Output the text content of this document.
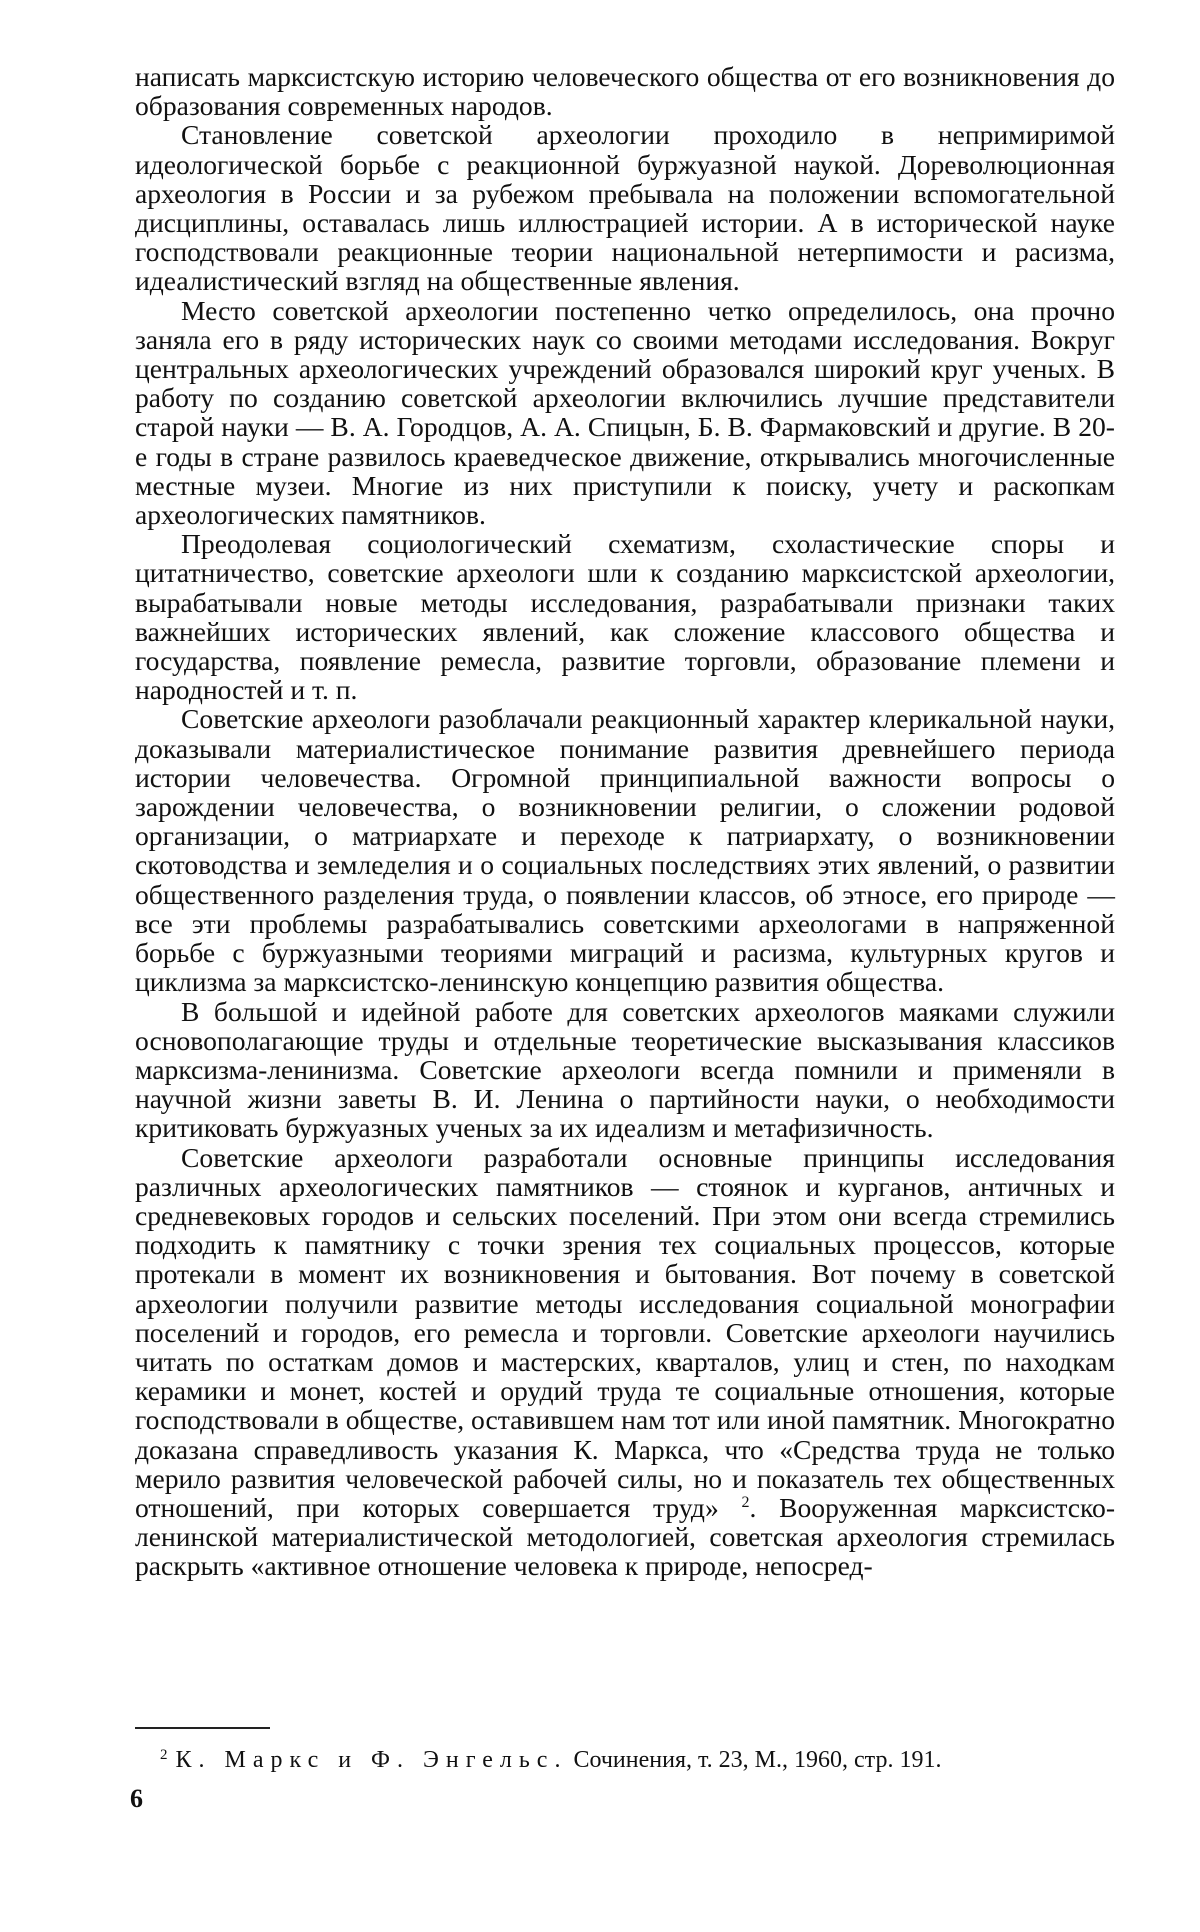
написать марксистскую историю человеческого общества от его возникновения до образования современных народов.

Становление советской археологии проходило в непримиримой идеологической борьбе с реакционной буржуазной наукой. Дореволюционная археология в России и за рубежом пребывала на положении вспомогательной дисциплины, оставалась лишь иллюстрацией истории. А в исторической науке господствовали реакционные теории национальной нетерпимости и расизма, идеалистический взгляд на общественные явления.

Место советской археологии постепенно четко определилось, она прочно заняла его в ряду исторических наук со своими методами исследования. Вокруг центральных археологических учреждений образовался широкий круг ученых. В работу по созданию советской археологии включились лучшие представители старой науки — В. А. Городцов, А. А. Спицын, Б. В. Фармаковский и другие. В 20-е годы в стране развилось краеведческое движение, открывались многочисленные местные музеи. Многие из них приступили к поиску, учету и раскопкам археологических памятников.

Преодолевая социологический схематизм, схоластические споры и цитатничество, советские археологи шли к созданию марксистской археологии, вырабатывали новые методы исследования, разрабатывали признаки таких важнейших исторических явлений, как сложение классового общества и государства, появление ремесла, развитие торговли, образование племени и народностей и т. п.

Советские археологи разоблачали реакционный характер клерикальной науки, доказывали материалистическое понимание развития древнейшего периода истории человечества. Огромной принципиальной важности вопросы о зарождении человечества, о возникновении религии, о сложении родовой организации, о матриархате и переходе к патриархату, о возникновении скотоводства и земледелия и о социальных последствиях этих явлений, о развитии общественного разделения труда, о появлении классов, об этносе, его природе — все эти проблемы разрабатывались советскими археологами в напряженной борьбе с буржуазными теориями миграций и расизма, культурных кругов и циклизма за марксистско-ленинскую концепцию развития общества.

В большой и идейной работе для советских археологов маяками служили основополагающие труды и отдельные теоретические высказывания классиков марксизма-ленинизма. Советские археологи всегда помнили и применяли в научной жизни заветы В. И. Ленина о партийности науки, о необходимости критиковать буржуазных ученых за их идеализм и метафизичность.

Советские археологи разработали основные принципы исследования различных археологических памятников — стоянок и курганов, античных и средневековых городов и сельских поселений. При этом они всегда стремились подходить к памятнику с точки зрения тех социальных процессов, которые протекали в момент их возникновения и бытования. Вот почему в советской археологии получили развитие методы исследования социальной монографии поселений и городов, его ремесла и торговли. Советские археологи научились читать по остаткам домов и мастерских, кварталов, улиц и стен, по находкам керамики и монет, костей и орудий труда те социальные отношения, которые господствовали в обществе, оставившем нам тот или иной памятник. Многократно доказана справедливость указания К. Маркса, что «Средства труда не только мерило развития человеческой рабочей силы, но и показатель тех общественных отношений, при которых совершается труд» $^2$. Вооруженная марксистско-ленинской материалистической методологией, советская археология стремилась раскрыть «активное отношение человека к природе, непосред-

$^2$ К. Маркс и Ф. Энгельс. Сочинения, т. 23, М., 1960, стр. 191.
6
